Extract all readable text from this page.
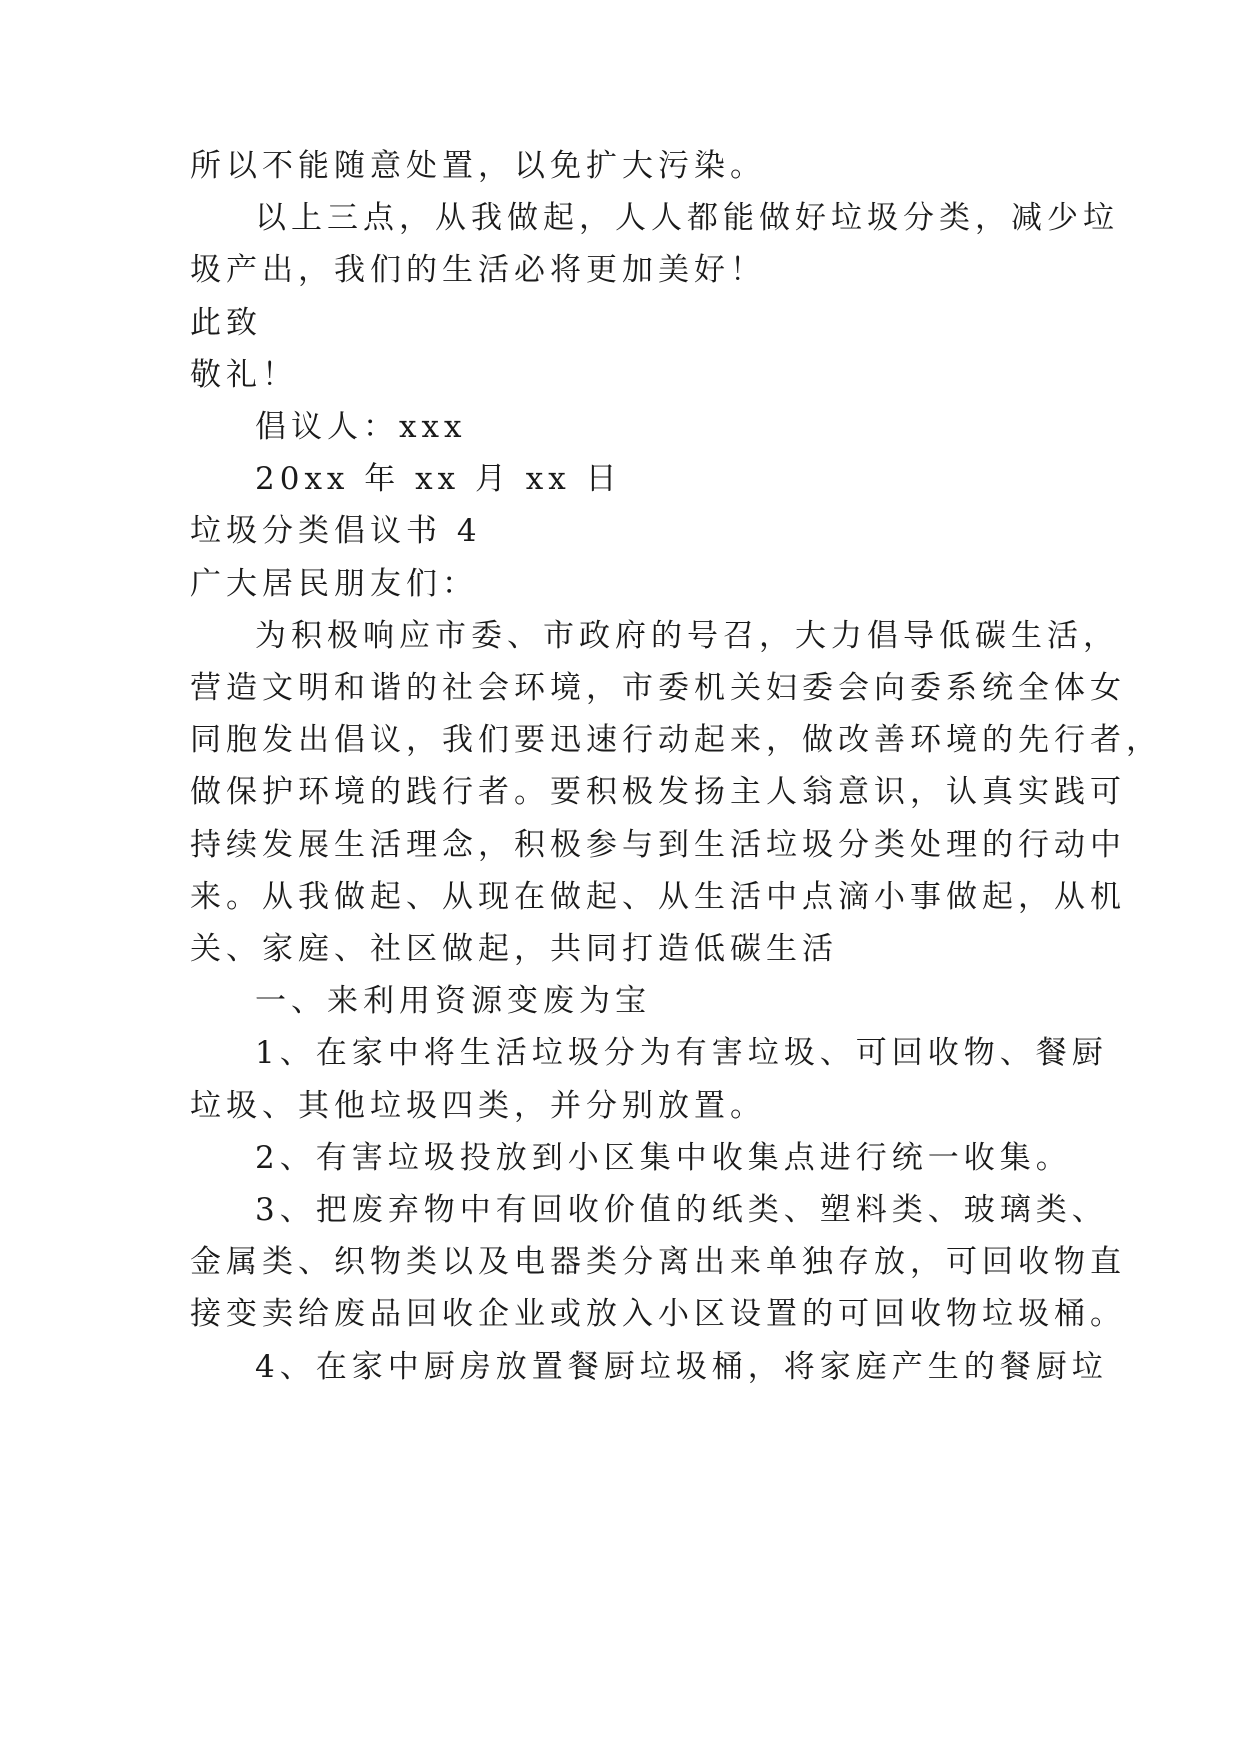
所以不能随意处置，以免扩大污染。

以上三点，从我做起，人人都能做好垃圾分类，减少垃

圾产出，我们的生活必将更加美好！

此致

敬礼！

倡议人：xxx

20xx 年 xx 月 xx 日

垃圾分类倡议书 4

广大居民朋友们：

为积极响应市委、市政府的号召，大力倡导低碳生活，

营造文明和谐的社会环境，市委机关妇委会向委系统全体女

同胞发出倡议，我们要迅速行动起来，做改善环境的先行者，

做保护环境的践行者。要积极发扬主人翁意识，认真实践可

持续发展生活理念，积极参与到生活垃圾分类处理的行动中

来。从我做起、从现在做起、从生活中点滴小事做起，从机

关、家庭、社区做起，共同打造低碳生活

一、来利用资源变废为宝

1、在家中将生活垃圾分为有害垃圾、可回收物、餐厨

垃圾、其他垃圾四类，并分别放置。

2、有害垃圾投放到小区集中收集点进行统一收集。

3、把废弃物中有回收价值的纸类、塑料类、玻璃类、

金属类、织物类以及电器类分离出来单独存放，可回收物直

接变卖给废品回收企业或放入小区设置的可回收物垃圾桶。

4、在家中厨房放置餐厨垃圾桶，将家庭产生的餐厨垃
